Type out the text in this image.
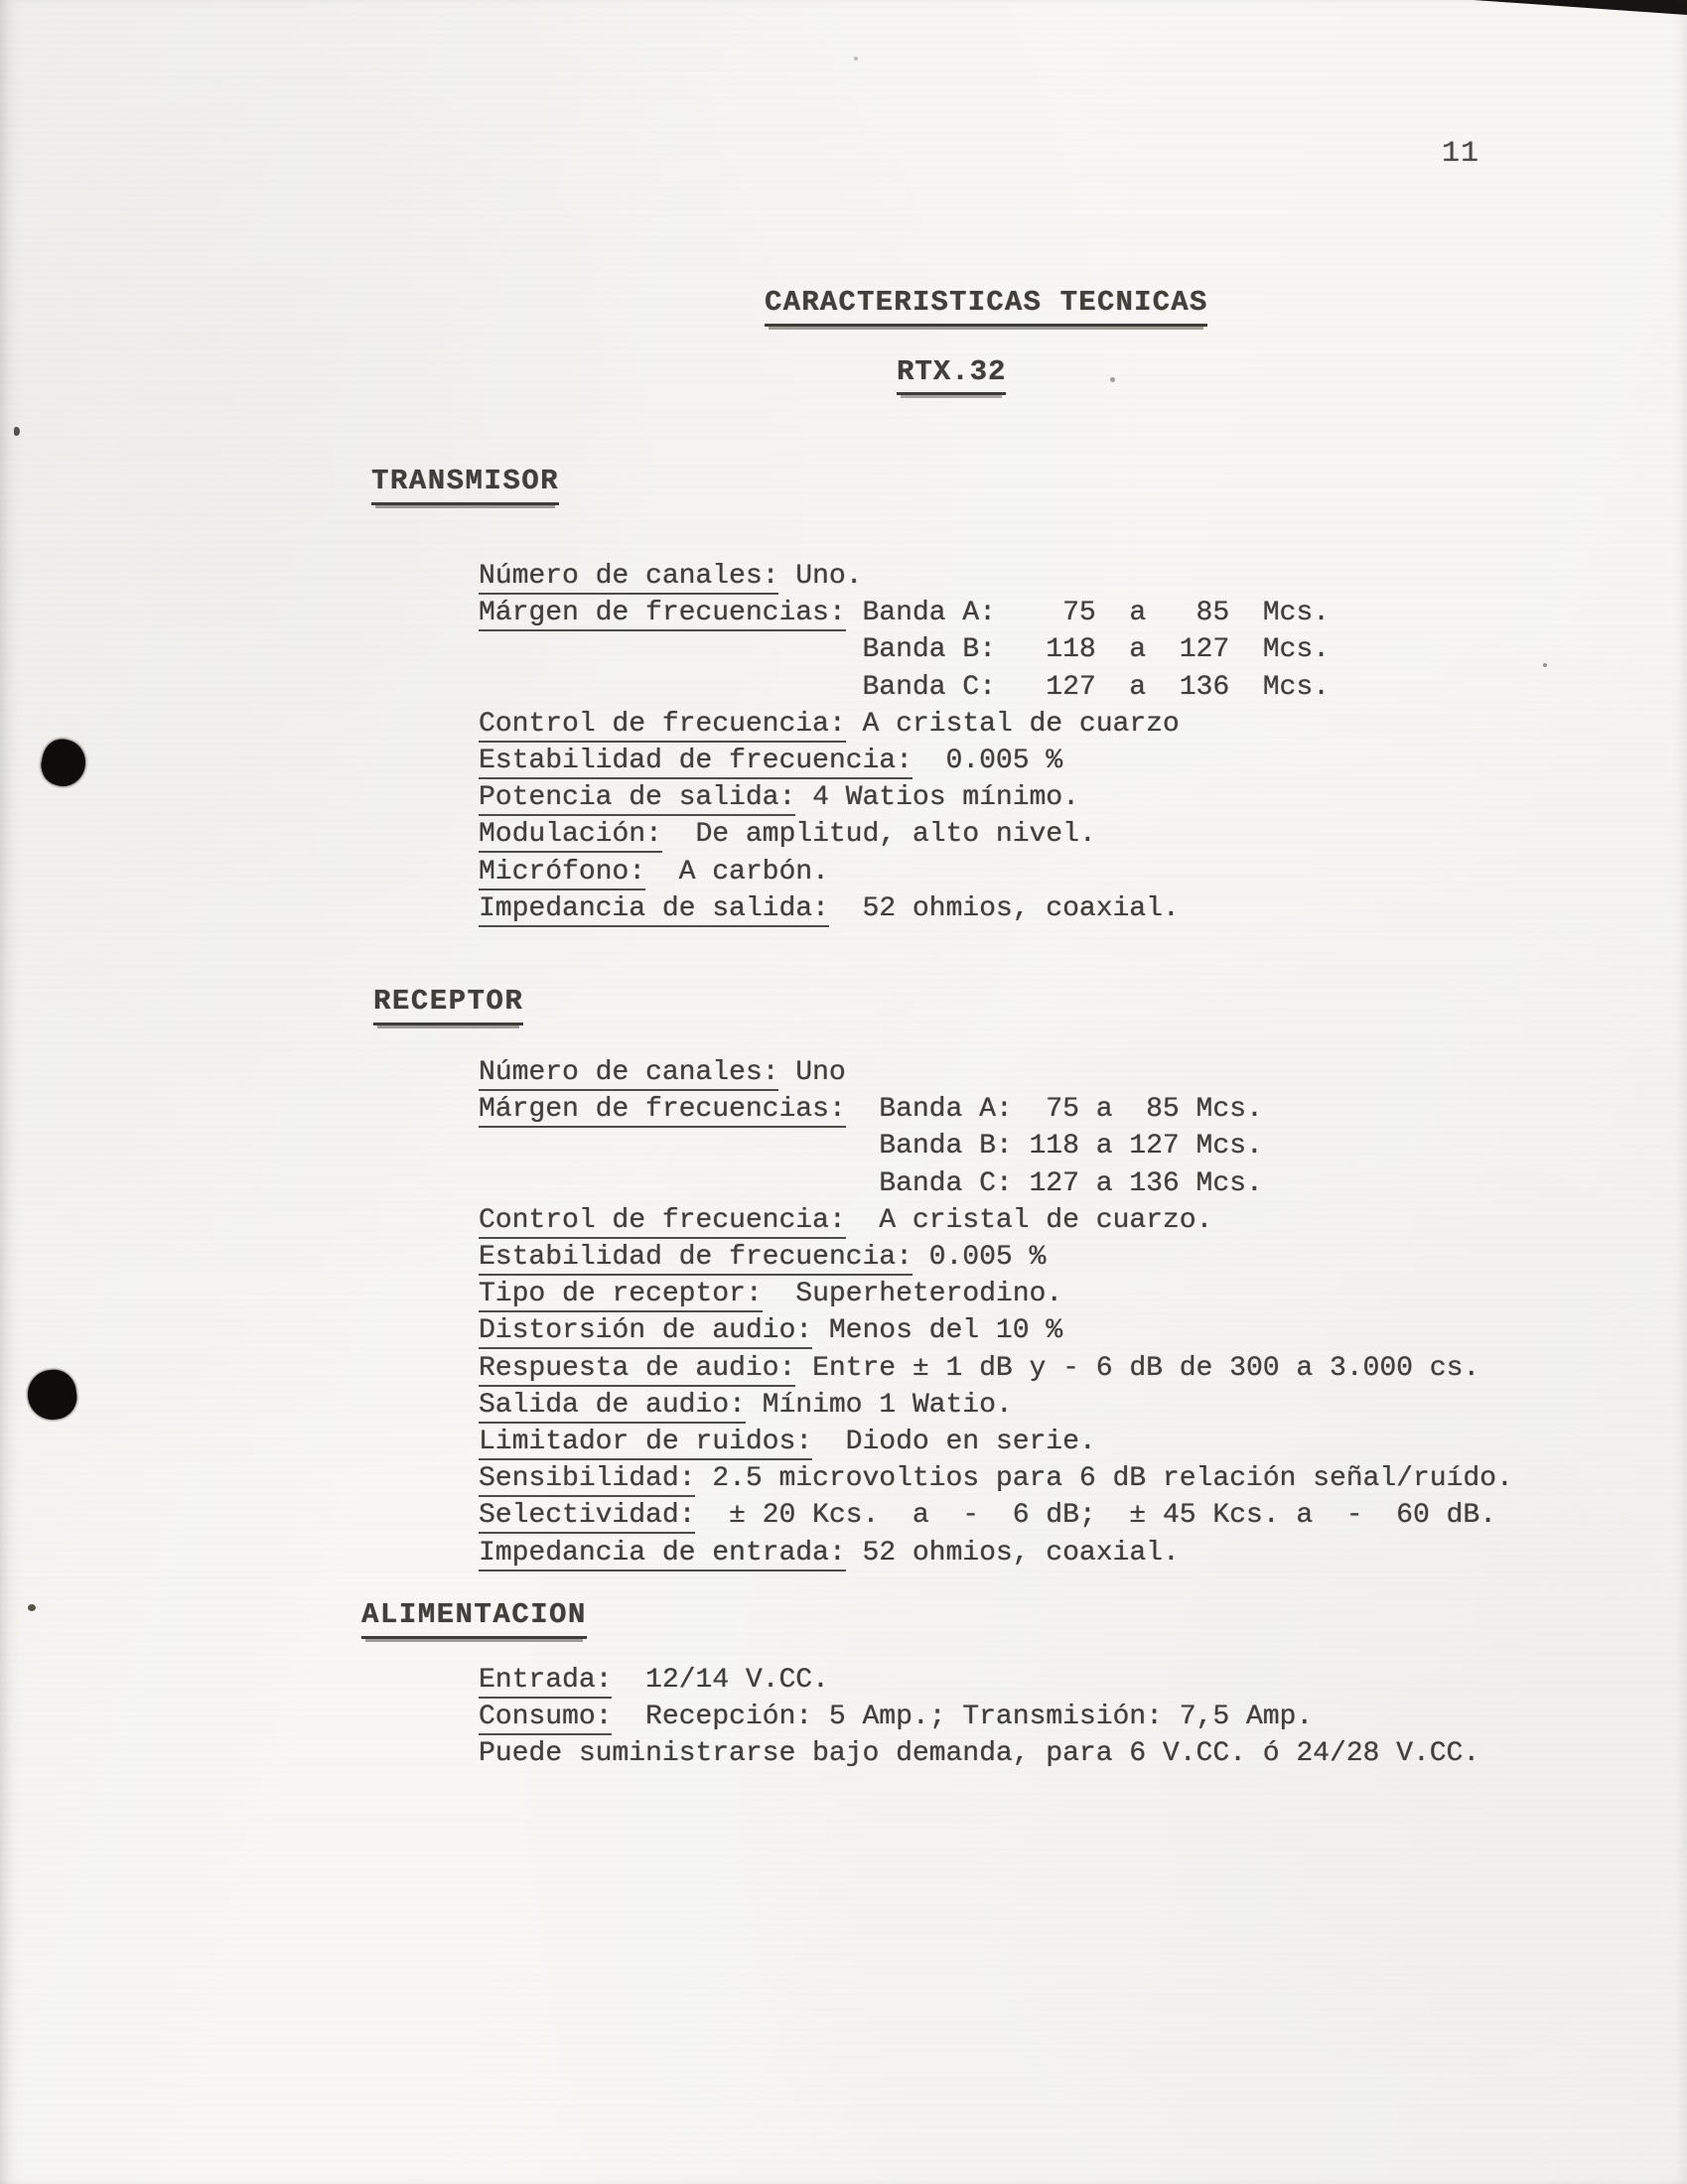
11
CARACTERISTICAS TECNICAS
RTX.32
TRANSMISOR
Número de canales: Uno.
Márgen de frecuencias: Banda A:    75  a   85  Mcs.
Banda B:   118  a  127  Mcs.
Banda C:   127  a  136  Mcs.
Control de frecuencia: A cristal de cuarzo
Estabilidad de frecuencia:  0.005 %
Potencia de salida: 4 Watios mínimo.
Modulación:  De amplitud, alto nivel.
Micrófono:  A carbón.
Impedancia de salida:  52 ohmios, coaxial.
RECEPTOR
Número de canales: Uno
Márgen de frecuencias:  Banda A:  75 a  85 Mcs.
Banda B: 118 a 127 Mcs.
Banda C: 127 a 136 Mcs.
Control de frecuencia:  A cristal de cuarzo.
Estabilidad de frecuencia: 0.005 %
Tipo de receptor:  Superheterodino.
Distorsión de audio: Menos del 10 %
Respuesta de audio: Entre ± 1 dB y - 6 dB de 300 a 3.000 cs.
Salida de audio: Mínimo 1 Watio.
Limitador de ruidos:  Diodo en serie.
Sensibilidad: 2.5 microvoltios para 6 dB relación señal/ruído.
Selectividad:  ± 20 Kcs.  a  -  6 dB;  ± 45 Kcs. a  -  60 dB.
Impedancia de entrada: 52 ohmios, coaxial.
ALIMENTACION
Entrada:  12/14 V.CC.
Consumo:  Recepción: 5 Amp.; Transmisión: 7,5 Amp.
Puede suministrarse bajo demanda, para 6 V.CC. ó 24/28 V.CC.
